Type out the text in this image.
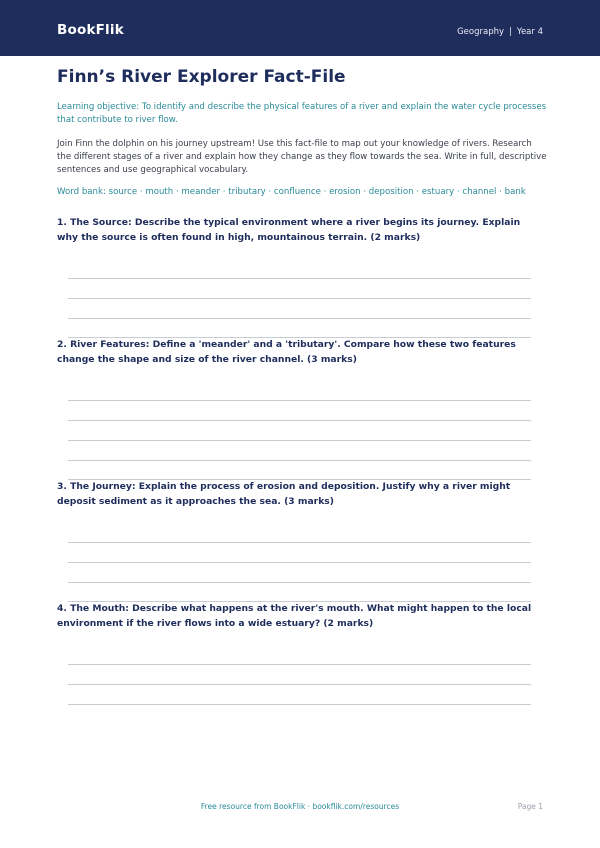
BookFlik	Geography | Year 4
Finn’s River Explorer Fact-File

Learning objective: To identify and describe the physical features of a river and explain the water cycle processes that contribute to river flow.

Join Finn the dolphin on his journey upstream! Use this fact-file to map out your knowledge of rivers. Research the different stages of a river and explain how they change as they flow towards the sea. Write in full, descriptive sentences and use geographical vocabulary.

Word bank: source · mouth · meander · tributary · confluence · erosion · deposition · estuary · channel · bank

1. The Source: Describe the typical environment where a river begins its journey. Explain why the source is often found in high, mountainous terrain. (2 marks)

2. River Features: Define a 'meander' and a 'tributary'. Compare how these two features change the shape and size of the river channel. (3 marks)

3. The Journey: Explain the process of erosion and deposition. Justify why a river might deposit sediment as it approaches the sea. (3 marks)

4. The Mouth: Describe what happens at the river's mouth. What might happen to the local environment if the river flows into a wide estuary? (2 marks)

Free resource from BookFlik · bookflik.com/resources	Page 1
